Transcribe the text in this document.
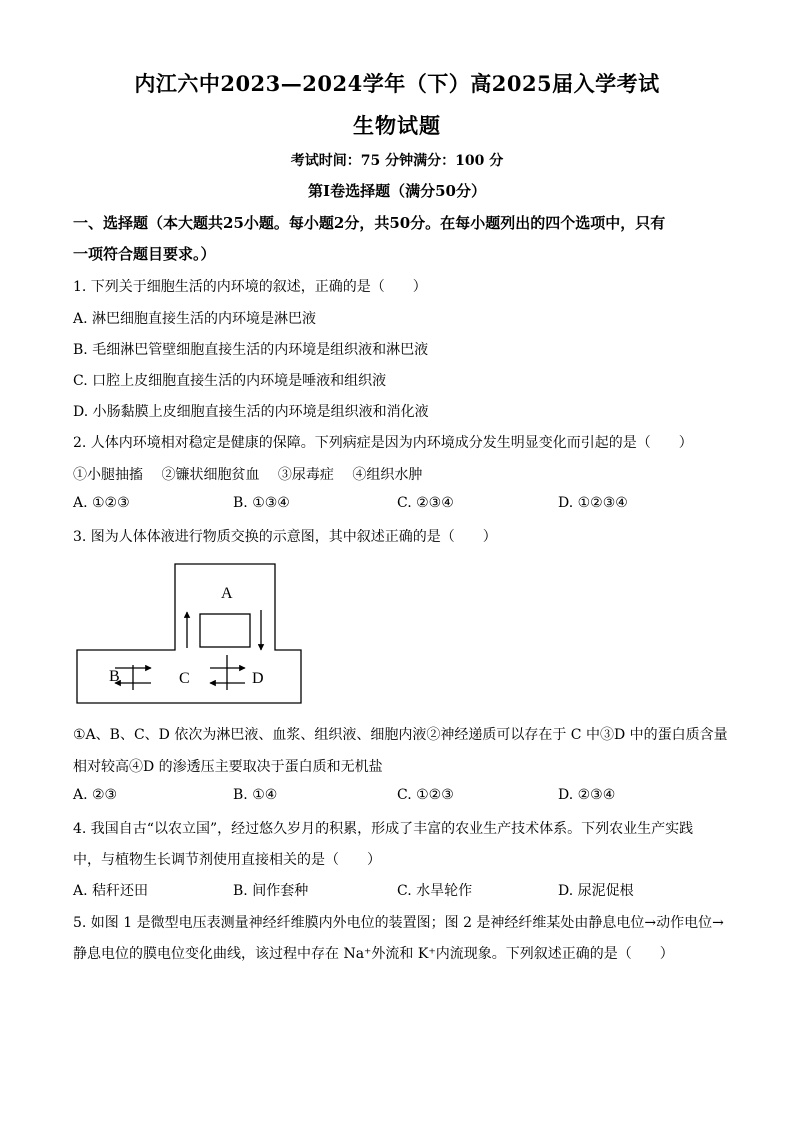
内江六中2023—2024学年（下）高2025届入学考试
生物试题
考试时间：75 分钟满分：100 分
第Ⅰ卷选择题（满分50分）
一、选择题（本大题共25小题。每小题2分，共50分。在每小题列出的四个选项中，只有
一项符合题目要求。）
1. 下列关于细胞生活的内环境的叙述，正确的是（　　）
A. 淋巴细胞直接生活的内环境是淋巴液
B. 毛细淋巴管壁细胞直接生活的内环境是组织液和淋巴液
C. 口腔上皮细胞直接生活的内环境是唾液和组织液
D. 小肠黏膜上皮细胞直接生活的内环境是组织液和消化液
2. 人体内环境相对稳定是健康的保障。下列病症是因为内环境成分发生明显变化而引起的是（　　）
①小腿抽搐　 ②镰状细胞贫血　 ③尿毒症　 ④组织水肿
A. ①②③	B. ①③④	C. ②③④	D. ①②③④
3. 图为人体体液进行物质交换的示意图，其中叙述正确的是（　　）
A
B	C	D
①A、B、C、D 依次为淋巴液、血浆、组织液、细胞内液②神经递质可以存在于 C 中③D 中的蛋白质含量
相对较高④D 的渗透压主要取决于蛋白质和无机盐
A. ②③	B. ①④	C. ①②③	D. ②③④
4. 我国自古“以农立国”，经过悠久岁月的积累，形成了丰富的农业生产技术体系。下列农业生产实践
中，与植物生长调节剂使用直接相关的是（　　）
A. 秸秆还田	B. 间作套种	C. 水旱轮作	D. 尿泥促根
5. 如图 1 是微型电压表测量神经纤维膜内外电位的装置图；图 2 是神经纤维某处由静息电位→动作电位→
静息电位的膜电位变化曲线，该过程中存在 Na⁺外流和 K⁺内流现象。下列叙述正确的是（　　）
